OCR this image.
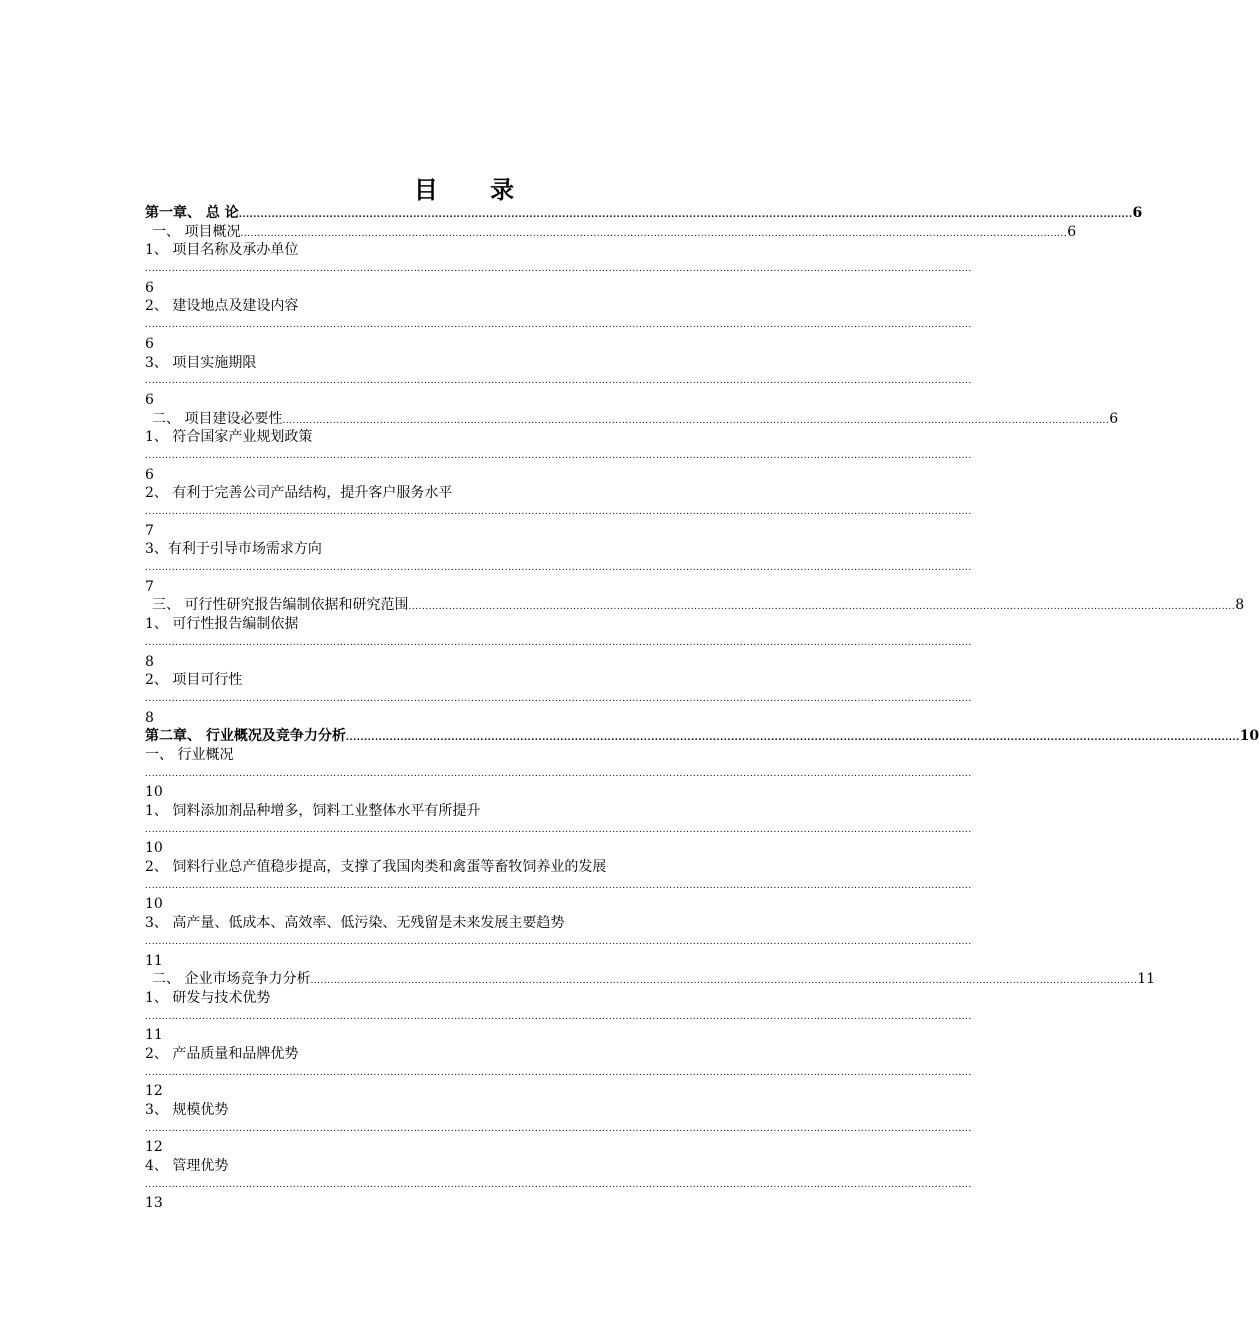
目 录
第一章、 总 论 ...................................................................................................................................................................................................................................................... 6
一、 项目概况 ...................................................................................................................................................................................................................................................... 6
1、 项目名称及承办单位
......................................................................................................................................................................................................................................................
6
2、 建设地点及建设内容
......................................................................................................................................................................................................................................................
6
3、 项目实施期限
......................................................................................................................................................................................................................................................
6
二、 项目建设必要性 ...................................................................................................................................................................................................................................................... 6
1、 符合国家产业规划政策
......................................................................................................................................................................................................................................................
6
2、 有利于完善公司产品结构，提升客户服务水平
......................................................................................................................................................................................................................................................
7
3、有利于引导市场需求方向
......................................................................................................................................................................................................................................................
7
三、 可行性研究报告编制依据和研究范围 ...................................................................................................................................................................................................................................................... 8
1、 可行性报告编制依据
......................................................................................................................................................................................................................................................
8
2、 项目可行性
......................................................................................................................................................................................................................................................
8
第二章、 行业概况及竞争力分析 ...................................................................................................................................................................................................................................................... 10
一、 行业概况
......................................................................................................................................................................................................................................................
10
1、 饲料添加剂品种增多，饲料工业整体水平有所提升
......................................................................................................................................................................................................................................................
10
2、 饲料行业总产值稳步提高，支撑了我国肉类和禽蛋等畜牧饲养业的发展
......................................................................................................................................................................................................................................................
10
3、 高产量、低成本、高效率、低污染、无残留是未来发展主要趋势
......................................................................................................................................................................................................................................................
11
二、 企业市场竞争力分析 ...................................................................................................................................................................................................................................................... 11
1、 研发与技术优势
......................................................................................................................................................................................................................................................
11
2、 产品质量和品牌优势
......................................................................................................................................................................................................................................................
12
3、 规模优势
......................................................................................................................................................................................................................................................
12
4、 管理优势
......................................................................................................................................................................................................................................................
13
